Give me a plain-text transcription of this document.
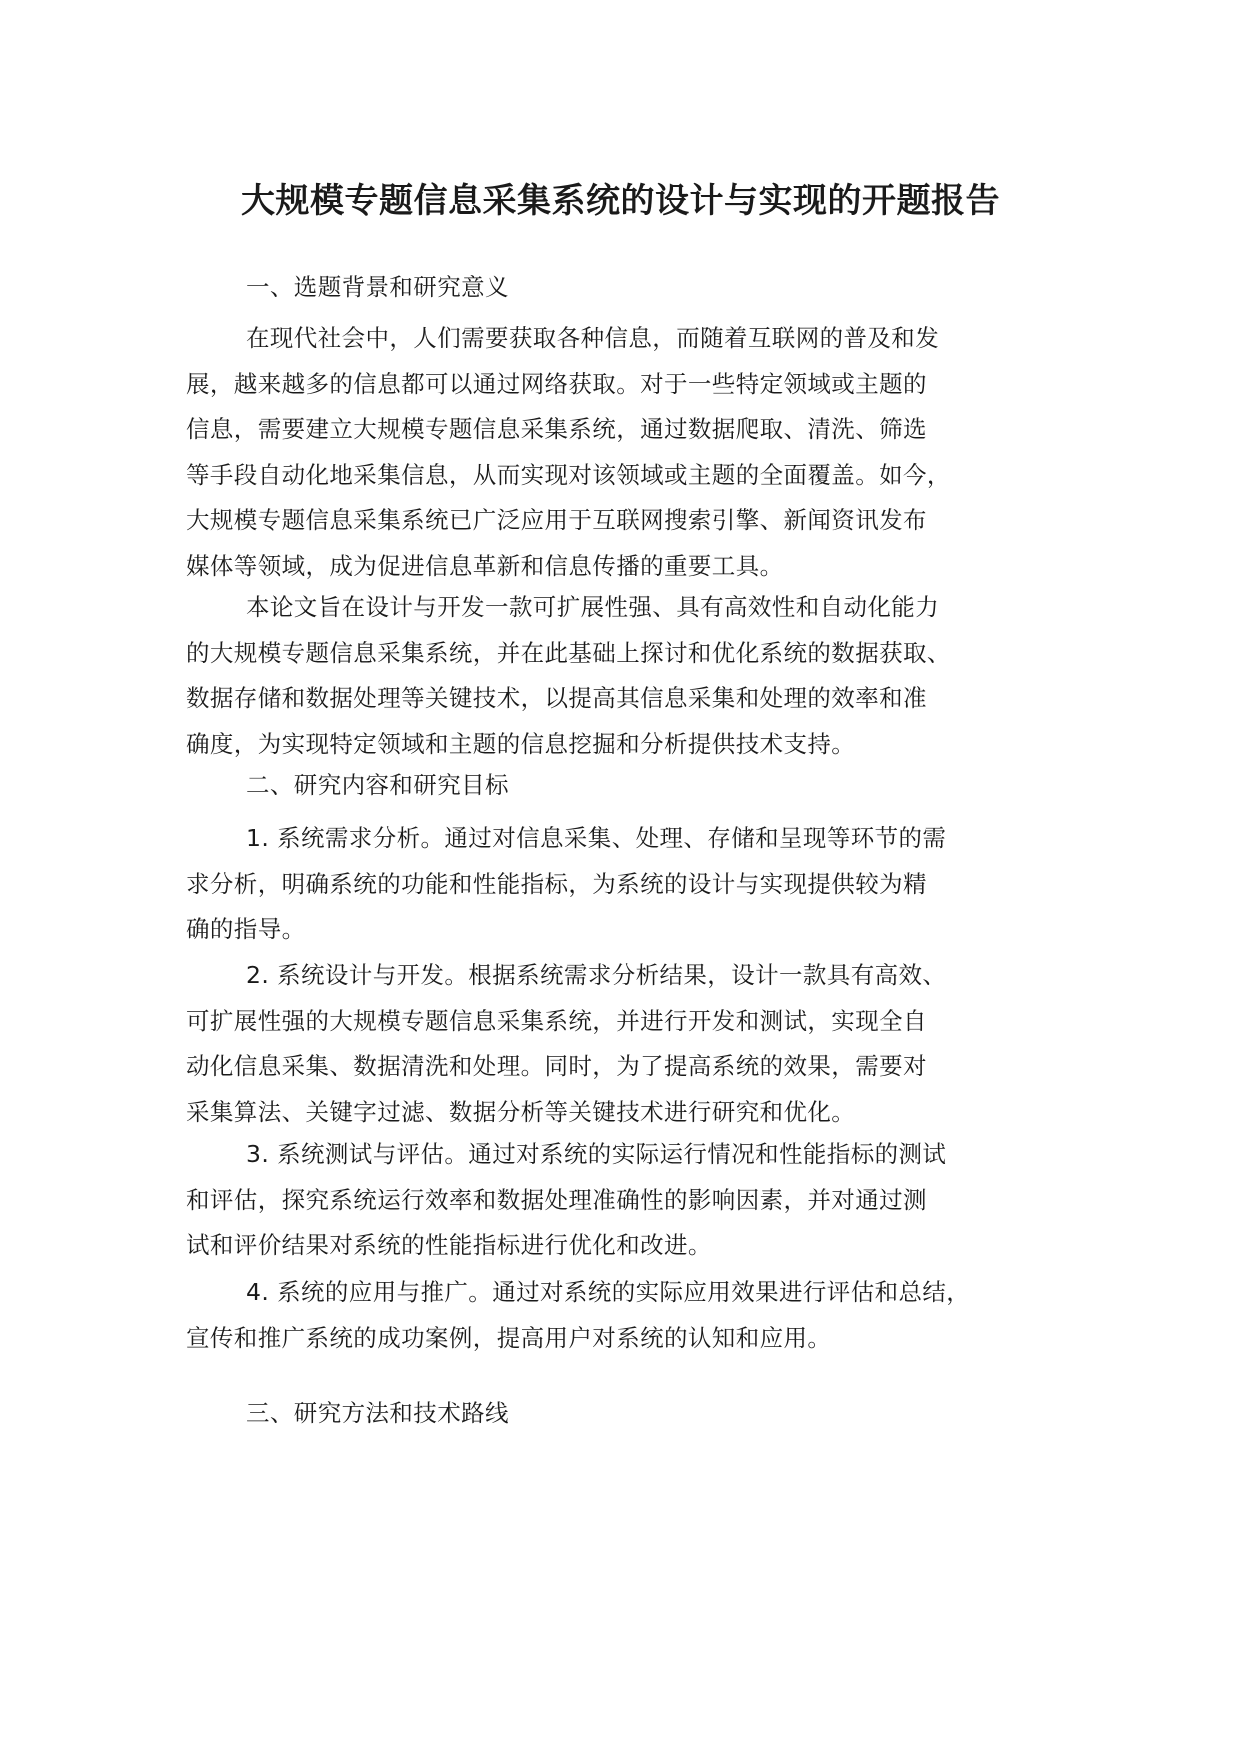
大规模专题信息采集系统的设计与实现的开题报告
一、选题背景和研究意义
在现代社会中，人们需要获取各种信息，而随着互联网的普及和发
展，越来越多的信息都可以通过网络获取。对于一些特定领域或主题的
信息，需要建立大规模专题信息采集系统，通过数据爬取、清洗、筛选
等手段自动化地采集信息，从而实现对该领域或主题的全面覆盖。如今，
大规模专题信息采集系统已广泛应用于互联网搜索引擎、新闻资讯发布
媒体等领域，成为促进信息革新和信息传播的重要工具。
本论文旨在设计与开发一款可扩展性强、具有高效性和自动化能力
的大规模专题信息采集系统，并在此基础上探讨和优化系统的数据获取、
数据存储和数据处理等关键技术，以提高其信息采集和处理的效率和准
确度，为实现特定领域和主题的信息挖掘和分析提供技术支持。
二、研究内容和研究目标
1. 系统需求分析。通过对信息采集、处理、存储和呈现等环节的需
求分析，明确系统的功能和性能指标，为系统的设计与实现提供较为精
确的指导。
2. 系统设计与开发。根据系统需求分析结果，设计一款具有高效、
可扩展性强的大规模专题信息采集系统，并进行开发和测试，实现全自
动化信息采集、数据清洗和处理。同时，为了提高系统的效果，需要对
采集算法、关键字过滤、数据分析等关键技术进行研究和优化。
3. 系统测试与评估。通过对系统的实际运行情况和性能指标的测试
和评估，探究系统运行效率和数据处理准确性的影响因素，并对通过测
试和评价结果对系统的性能指标进行优化和改进。
4. 系统的应用与推广。通过对系统的实际应用效果进行评估和总结，
宣传和推广系统的成功案例，提高用户对系统的认知和应用。
三、研究方法和技术路线
